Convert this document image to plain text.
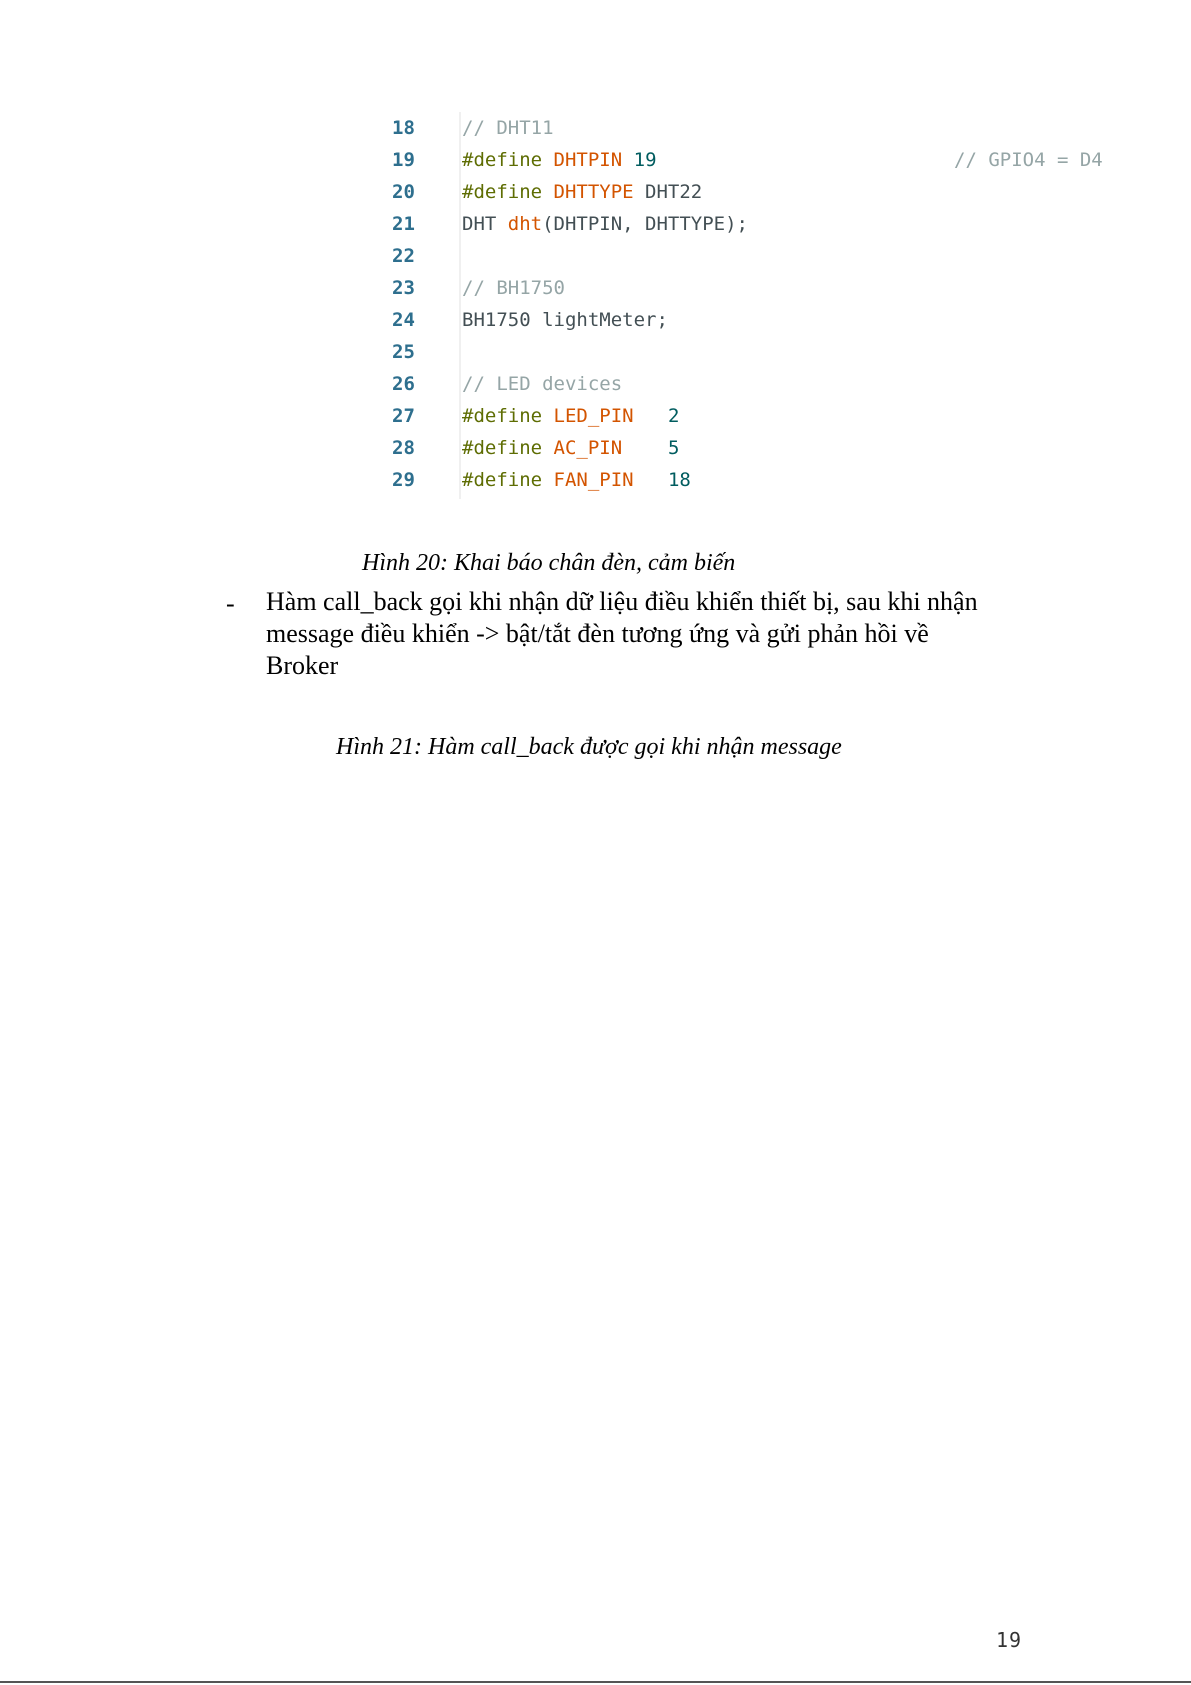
18	// DHT11
19	#define DHTPIN 19	// GPIO4 = D4
20	#define DHTTYPE DHT22
21	DHT dht(DHTPIN, DHTTYPE);
22
23	// BH1750
24	BH1750 lightMeter;
25
26	// LED devices
27	#define LED_PIN 2
28	#define AC_PIN 5
29	#define FAN_PIN 18
Hình 20: Khai báo chân đèn, cảm biến
- Hàm call_back gọi khi nhận dữ liệu điều khiển thiết bị, sau khi nhận
message điều khiển -> bật/tắt đèn tương ứng và gửi phản hồi về
Broker
Hình 21: Hàm call_back được gọi khi nhận message
19
